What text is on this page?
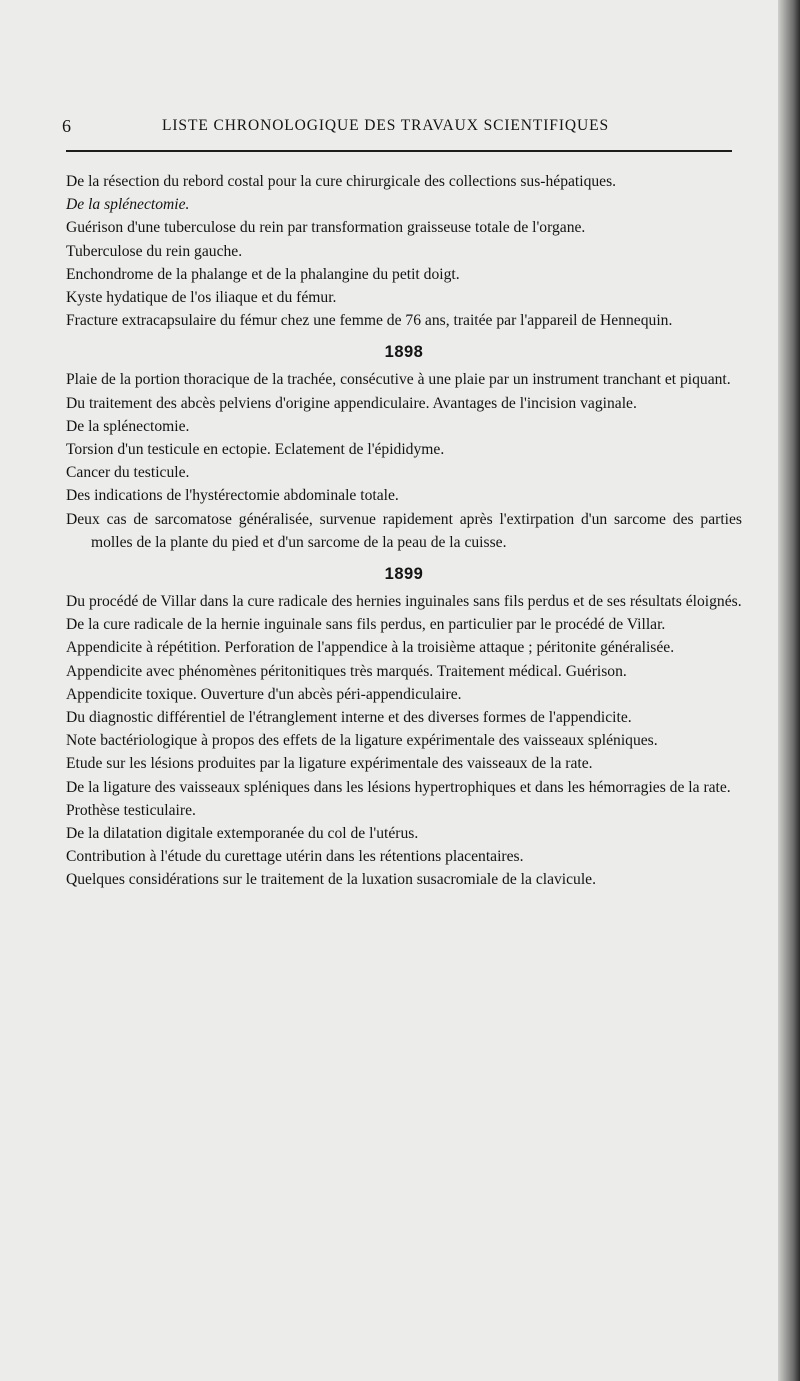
6	LISTE CHRONOLOGIQUE DES TRAVAUX SCIENTIFIQUES

De la résection du rebord costal pour la cure chirurgicale des collections sus-hépatiques.

De la splénectomie.

Guérison d'une tuberculose du rein par transformation graisseuse totale de l'organe.

Tuberculose du rein gauche.

Enchondrome de la phalange et de la phalangine du petit doigt.

Kyste hydatique de l'os iliaque et du fémur.

Fracture extracapsulaire du fémur chez une femme de 76 ans, traitée par l'appareil de Hennequin.

1898

Plaie de la portion thoracique de la trachée, consécutive à une plaie par un instrument tranchant et piquant.

Du traitement des abcès pelviens d'origine appendiculaire. Avantages de l'incision vaginale.

De la splénectomie.

Torsion d'un testicule en ectopie. Eclatement de l'épididyme.

Cancer du testicule.

Des indications de l'hystérectomie abdominale totale.

Deux cas de sarcomatose généralisée, survenue rapidement après l'extirpation d'un sarcome des parties molles de la plante du pied et d'un sarcome de la peau de la cuisse.

1899

Du procédé de Villar dans la cure radicale des hernies inguinales sans fils perdus et de ses résultats éloignés.

De la cure radicale de la hernie inguinale sans fils perdus, en particulier par le procédé de Villar.

Appendicite à répétition. Perforation de l'appendice à la troisième attaque ; péritonite généralisée.

Appendicite avec phénomènes péritonitiques très marqués. Traitement médical. Guérison.

Appendicite toxique. Ouverture d'un abcès péri-appendiculaire.

Du diagnostic différentiel de l'étranglement interne et des diverses formes de l'appendicite.

Note bactériologique à propos des effets de la ligature expérimentale des vaisseaux spléniques.

Etude sur les lésions produites par la ligature expérimentale des vaisseaux de la rate.

De la ligature des vaisseaux spléniques dans les lésions hypertrophiques et dans les hémorragies de la rate.

Prothèse testiculaire.

De la dilatation digitale extemporanée du col de l'utérus.

Contribution à l'étude du curettage utérin dans les rétentions placentaires.

Quelques considérations sur le traitement de la luxation susacromiale de la clavicule.
